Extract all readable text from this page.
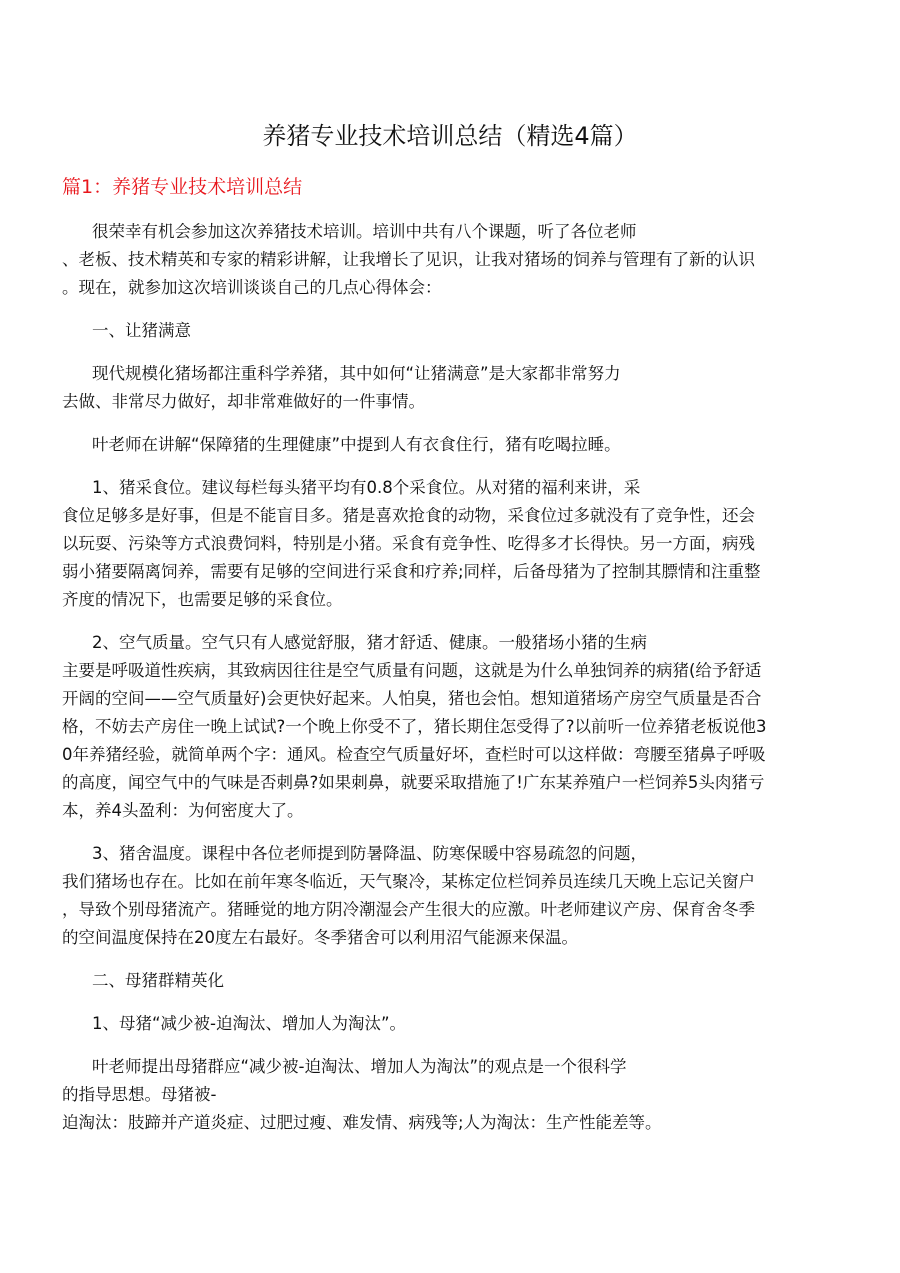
养猪专业技术培训总结（精选4篇）
篇1：养猪专业技术培训总结
很荣幸有机会参加这次养猪技术培训。培训中共有八个课题，听了各位老师
、老板、技术精英和专家的精彩讲解，让我增长了见识，让我对猪场的饲养与管理有了新的认识
。现在，就参加这次培训谈谈自己的几点心得体会：
一、让猪满意
现代规模化猪场都注重科学养猪，其中如何“让猪满意”是大家都非常努力
去做、非常尽力做好，却非常难做好的一件事情。
叶老师在讲解“保障猪的生理健康”中提到人有衣食住行，猪有吃喝拉睡。
1、猪采食位。建议每栏每头猪平均有0.8个采食位。从对猪的福利来讲，采
食位足够多是好事，但是不能盲目多。猪是喜欢抢食的动物，采食位过多就没有了竞争性，还会
以玩耍、污染等方式浪费饲料，特别是小猪。采食有竞争性、吃得多才长得快。另一方面，病残
弱小猪要隔离饲养，需要有足够的空间进行采食和疗养;同样，后备母猪为了控制其膘情和注重整
齐度的情况下，也需要足够的采食位。
2、空气质量。空气只有人感觉舒服，猪才舒适、健康。一般猪场小猪的生病
主要是呼吸道性疾病，其致病因往往是空气质量有问题，这就是为什么单独饲养的病猪(给予舒适
开阔的空间——空气质量好)会更快好起来。人怕臭，猪也会怕。想知道猪场产房空气质量是否合
格，不妨去产房住一晚上试试?一个晚上你受不了，猪长期住怎受得了?以前听一位养猪老板说他3
0年养猪经验，就简单两个字：通风。检查空气质量好坏，查栏时可以这样做：弯腰至猪鼻子呼吸
的高度，闻空气中的气味是否刺鼻?如果刺鼻，就要采取措施了!广东某养殖户一栏饲养5头肉猪亏
本，养4头盈利：为何密度大了。
3、猪舍温度。课程中各位老师提到防暑降温、防寒保暖中容易疏忽的问题，
我们猪场也存在。比如在前年寒冬临近，天气聚冷，某栋定位栏饲养员连续几天晚上忘记关窗户
，导致个别母猪流产。猪睡觉的地方阴冷潮湿会产生很大的应激。叶老师建议产房、保育舍冬季
的空间温度保持在20度左右最好。冬季猪舍可以利用沼气能源来保温。
二、母猪群精英化
1、母猪“减少被-迫淘汰、增加人为淘汰”。
叶老师提出母猪群应“减少被-迫淘汰、增加人为淘汰”的观点是一个很科学
的指导思想。母猪被-
迫淘汰：肢蹄并产道炎症、过肥过瘦、难发情、病残等;人为淘汰：生产性能差等。
